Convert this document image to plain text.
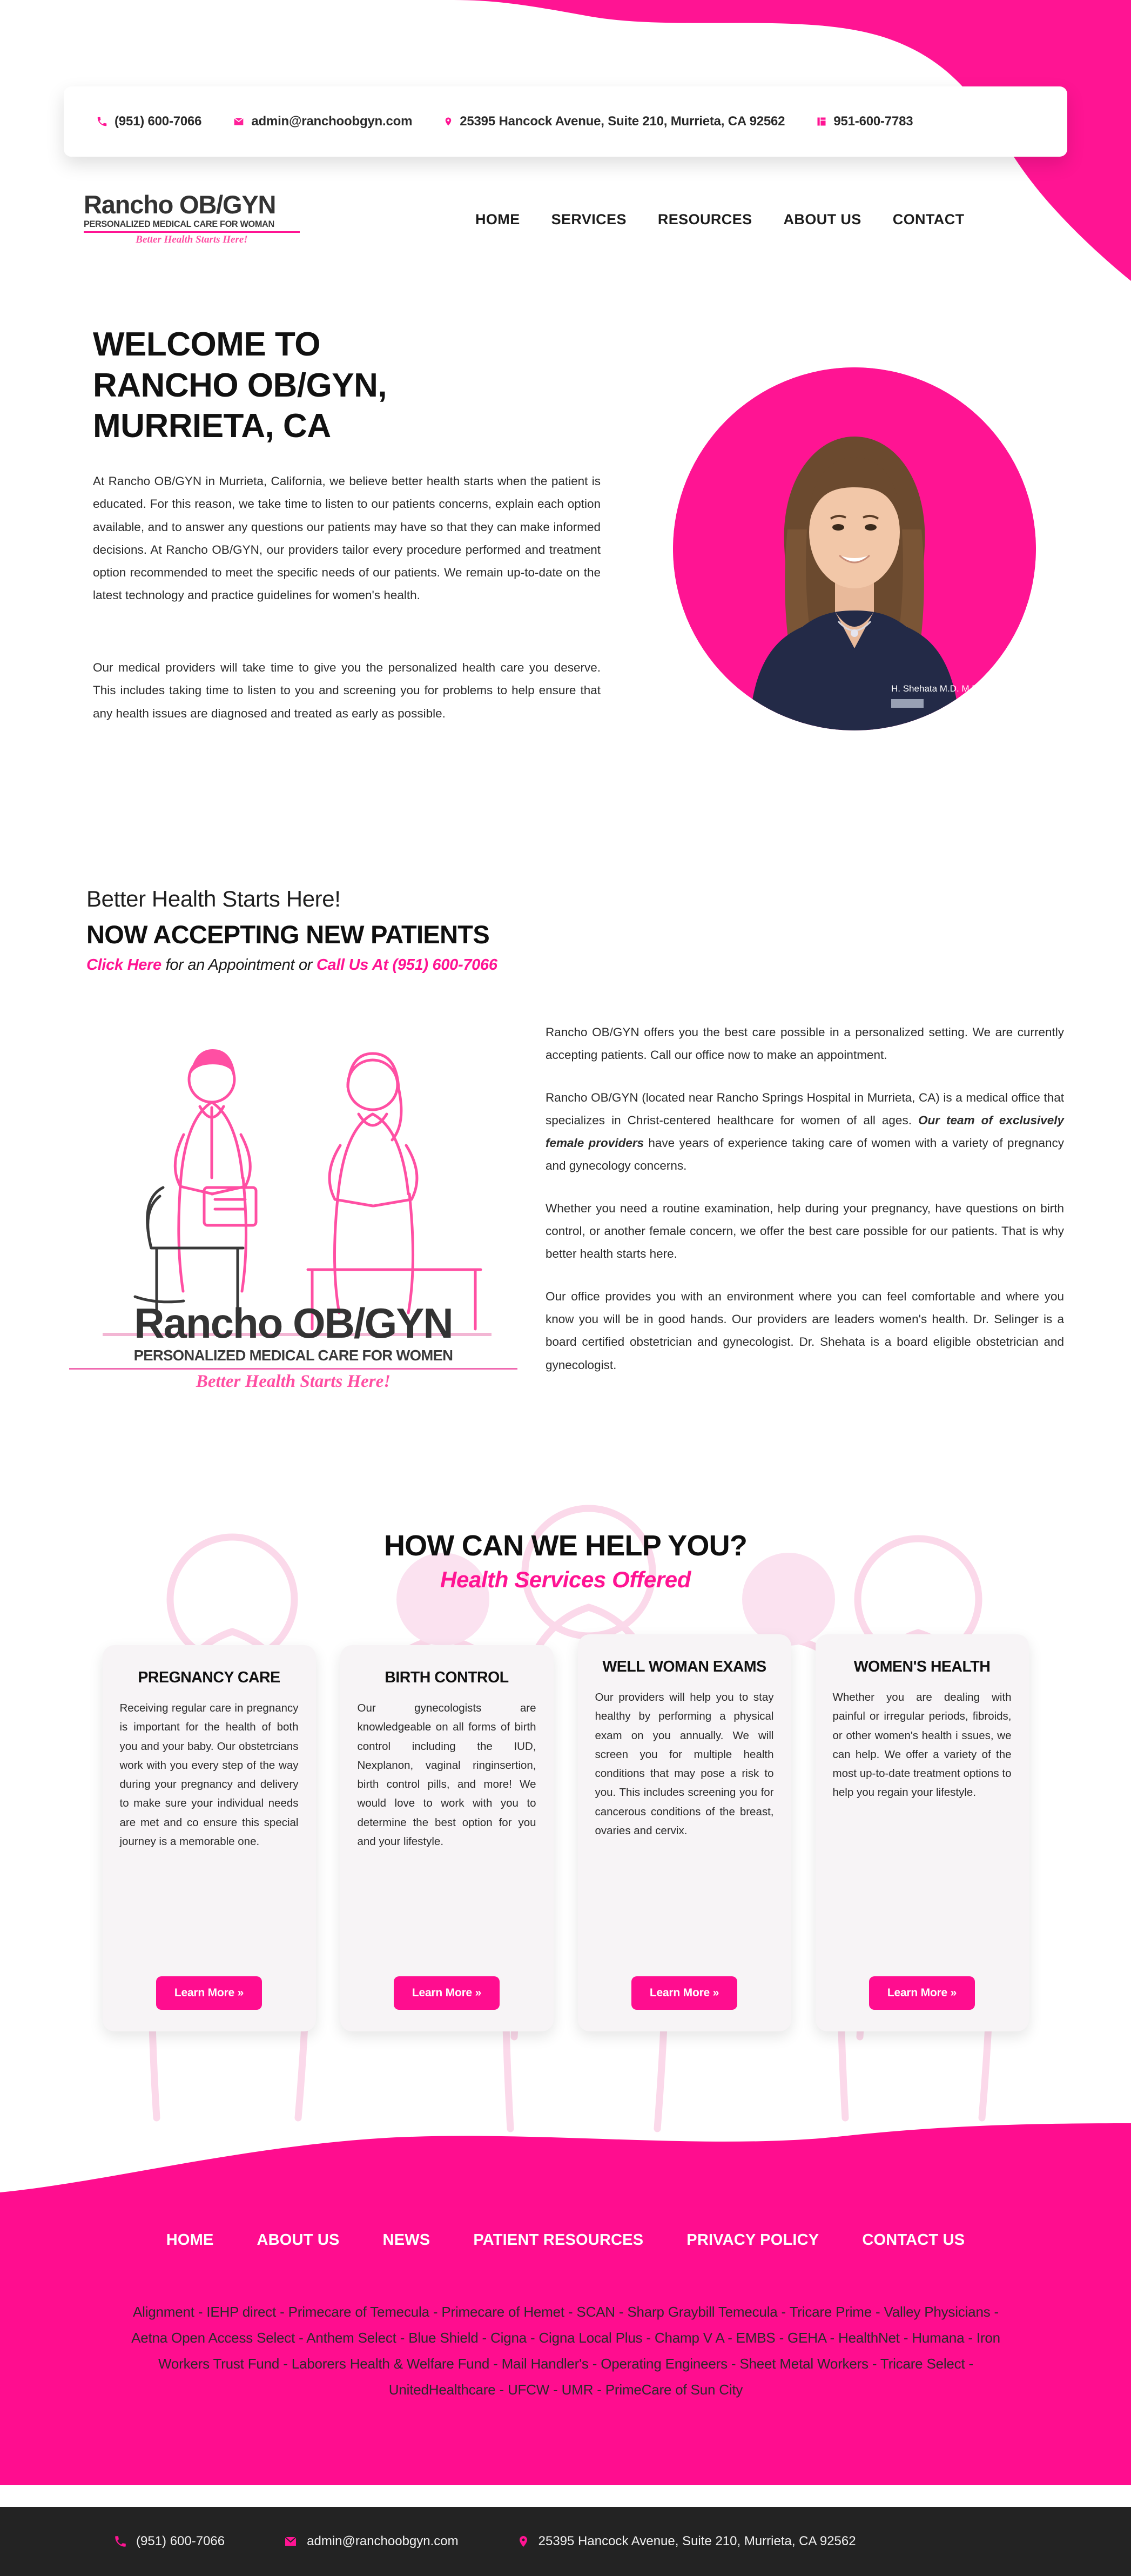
(951) 600-7066	admin@ranchoobgyn.com	25395 Hancock Avenue, Suite 210, Murrieta, CA 92562	951-600-7783
Rancho OB/GYN
PERSONALIZED MEDICAL CARE FOR WOMAN
Better Health Starts Here!
HOME SERVICES RESOURCES ABOUT US CONTACT
WELCOME TO
RANCHO OB/GYN,
MURRIETA, CA
At Rancho OB/GYN in Murrieta, California, we believe better health starts when the patient is educated. For this reason, we take time to listen to our patients concerns, explain each option available, and to answer any questions our patients may have so that they can make informed decisions. At Rancho OB/GYN, our providers tailor every procedure performed and treatment option recommended to meet the specific needs of our patients. We remain up-to-date on the latest technology and practice guidelines for women's health.
Our medical providers will take time to give you the personalized health care you deserve. This includes taking time to listen to you and screening you for problems to help ensure that any health issues are diagnosed and treated as early as possible.
H. Shehata M.D. M.B.
Better Health Starts Here!
NOW ACCEPTING NEW PATIENTS
Click Here for an Appointment or Call Us At (951) 600-7066
Rancho OB/GYN
PERSONALIZED MEDICAL CARE FOR WOMEN
Better Health Starts Here!

Rancho OB/GYN offers you the best care possible in a personalized setting. We are currently accepting patients. Call our office now to make an appointment.

Rancho OB/GYN (located near Rancho Springs Hospital in Murrieta, CA) is a medical office that specializes in Christ-centered healthcare for women of all ages. Our team of exclusively female providers have years of experience taking care of women with a variety of pregnancy and gynecology concerns.

Whether you need a routine examination, help during your pregnancy, have questions on birth control, or another female concern, we offer the best care possible for our patients. That is why better health starts here.

Our office provides you with an environment where you can feel comfortable and where you know you will be in good hands. Our providers are leaders women's health. Dr. Selinger is a board certified obstetrician and gynecologist. Dr. Shehata is a board eligible obstetrician and gynecologist.

HOW CAN WE HELP YOU?
Health Services Offered
PREGNANCY CARE
Receiving regular care in pregnancy is important for the health of both you and your baby. Our obstetrcians work with you every step of the way during your pregnancy and delivery to make sure your individual needs are met and co ensure this special journey is a memorable one.
Learn More »
BIRTH CONTROL
Our gynecologists are knowledgeable on all forms of birth control including the IUD, Nexplanon, vaginal ringinsertion, birth control pills, and more! We would love to work with you to determine the best option for you and your lifestyle.
Learn More »
WELL WOMAN EXAMS
Our providers will help you to stay healthy by performing a physical exam on you annually. We will screen you for multiple health conditions that may pose a risk to you. This includes screening you for cancerous conditions of the breast, ovaries and cervix.
Learn More »
WOMEN'S HEALTH
Whether you are dealing with painful or irregular periods, fibroids, or other women's health i ssues, we can help. We offer a variety of the most up-to-date treatment options to help you regain your lifestyle.
Learn More »
HOME	ABOUT US	NEWS	PATIENT RESOURCES	PRIVACY POLICY	CONTACT US
Alignment - IEHP direct - Primecare of Temecula - Primecare of Hemet - SCAN - Sharp Graybill Temecula - Tricare Prime - Valley Physicians - Aetna Open Access Select - Anthem Select - Blue Shield - Cigna - Cigna Local Plus - Champ V A - EMBS - GEHA - HealthNet - Humana - Iron Workers Trust Fund - Laborers Health & Welfare Fund - Mail Handler's - Operating Engineers - Sheet Metal Workers - Tricare Select - UnitedHealthcare - UFCW - UMR - PrimeCare of Sun City
(951) 600-7066	admin@ranchoobgyn.com	25395 Hancock Avenue, Suite 210, Murrieta, CA 92562
